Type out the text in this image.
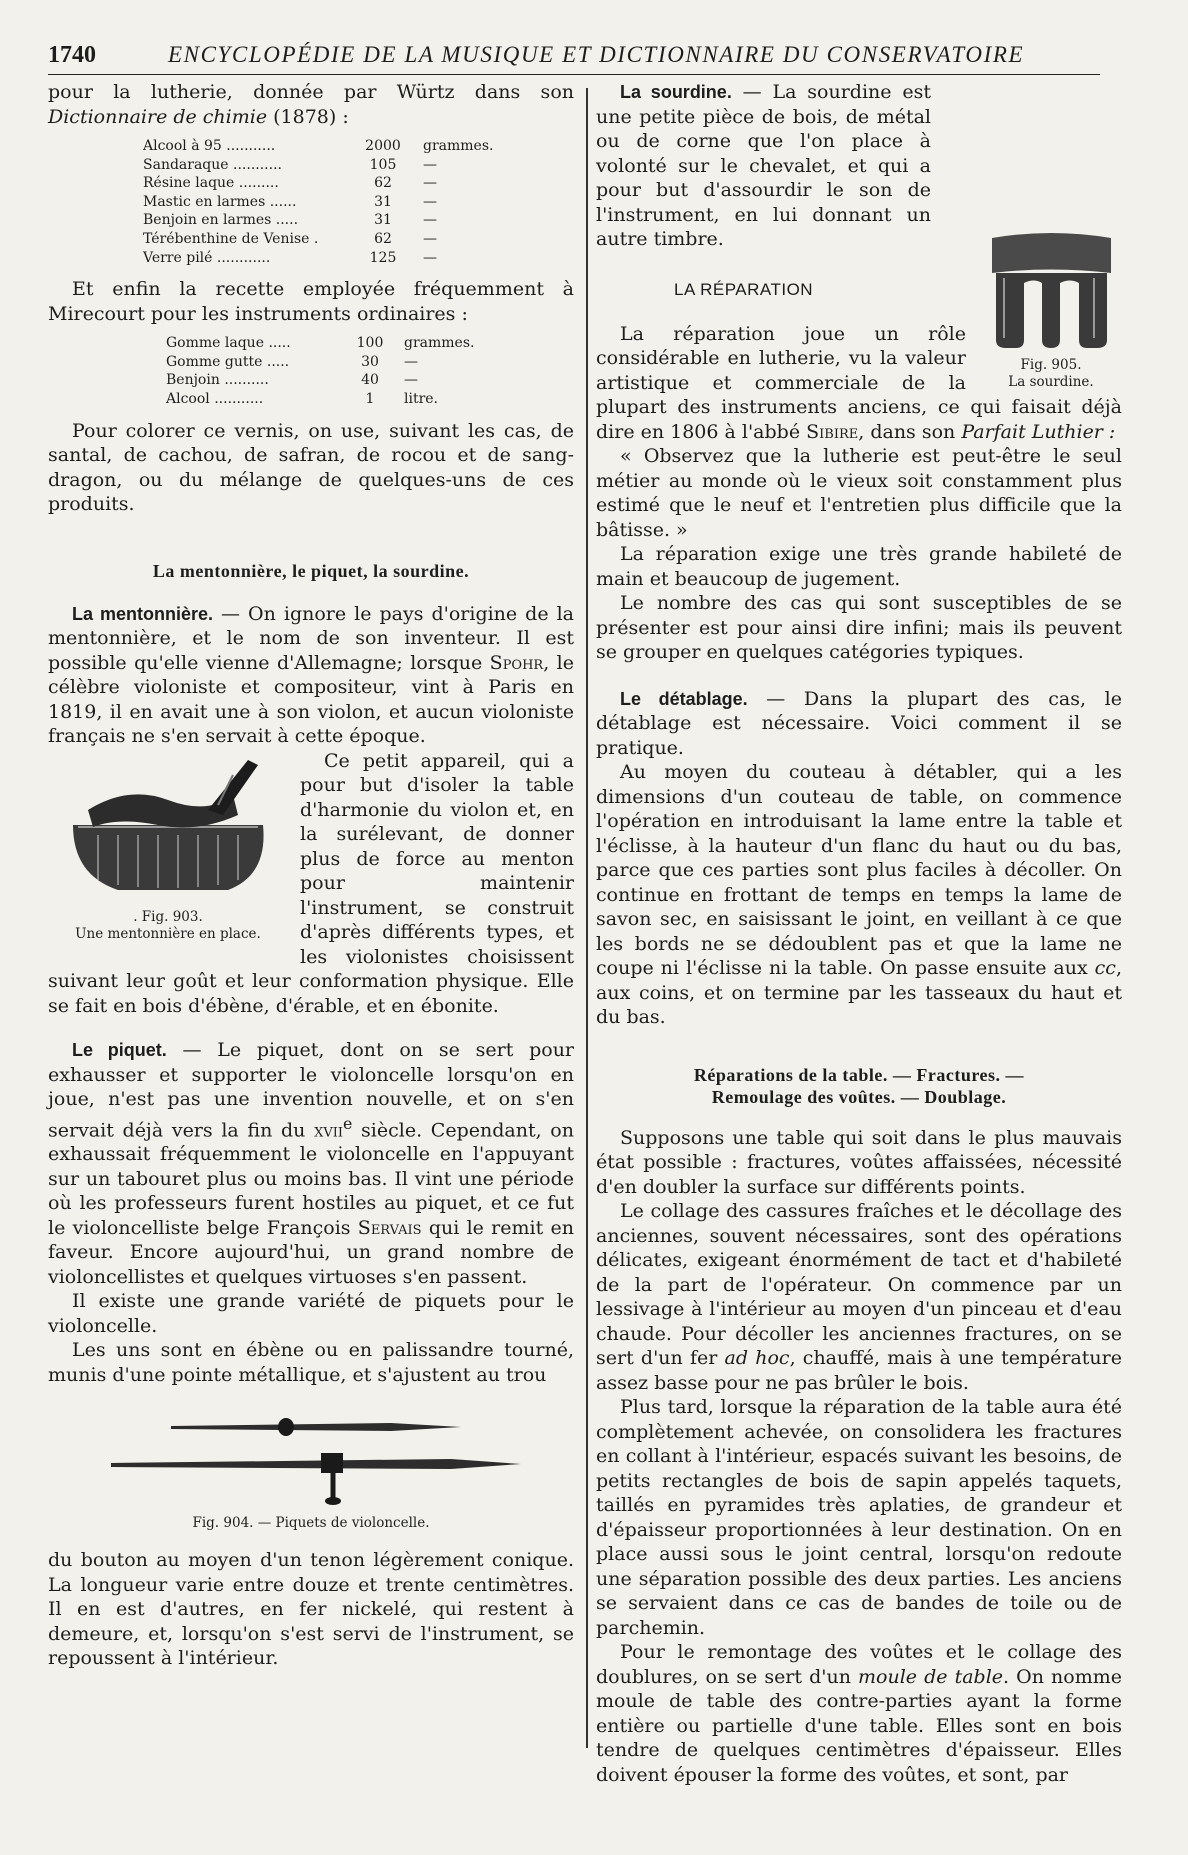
1740	ENCYCLOPÉDIE DE LA MUSIQUE ET DICTIONNAIRE DU CONSERVATOIRE

pour la lutherie, donnée par Würtz dans son Dictionnaire de chimie (1878) :

Alcool à 95 ...........	2000	grammes.
Sandaraque ...........	105	—
Résine laque .........	62	—
Mastic en larmes ......	31	—
Benjoin en larmes .....	31	—
Térébenthine de Venise .	62	—
Verre pilé ............	125	—

Et enfin la recette employée fréquemment à Mirecourt pour les instruments ordinaires :

Gomme laque .....	100	grammes.
Gomme gutte .....	30	—
Benjoin ..........	40	—
Alcool ...........	1	litre.

Pour colorer ce vernis, on use, suivant les cas, de santal, de cachou, de safran, de rocou et de sang-dragon, ou du mélange de quelques-uns de ces produits.

La mentonnière, le piquet, la sourdine.

La mentonnière. — On ignore le pays d'origine de la mentonnière, et le nom de son inventeur. Il est possible qu'elle vienne d'Allemagne; lorsque Spohr, le célèbre violoniste et compositeur, vint à Paris en 1819, il en avait une à son violon, et aucun violoniste français ne s'en servait à cette époque.

. Fig. 903.
Une mentonnière en place.

Ce petit appareil, qui a pour but d'isoler la table d'harmonie du violon et, en la surélevant, de donner plus de force au menton pour maintenir l'instrument, se construit d'après différents types, et les violonistes choisissent suivant leur goût et leur conformation physique. Elle se fait en bois d'ébène, d'érable, et en ébonite.

Le piquet. — Le piquet, dont on se sert pour exhausser et supporter le violoncelle lorsqu'on en joue, n'est pas une invention nouvelle, et on s'en servait déjà vers la fin du xvii$^e$ siècle. Cependant, on exhaussait fréquemment le violoncelle en l'appuyant sur un tabouret plus ou moins bas. Il vint une période où les professeurs furent hostiles au piquet, et ce fut le violoncelliste belge François Servais qui le remit en faveur. Encore aujourd'hui, un grand nombre de violoncellistes et quelques virtuoses s'en passent.

Il existe une grande variété de piquets pour le violoncelle.

Les uns sont en ébène ou en palissandre tourné, munis d'une pointe métallique, et s'ajustent au trou

Fig. 904. — Piquets de violoncelle.

du bouton au moyen d'un tenon légèrement conique. La longueur varie entre douze et trente centimètres. Il en est d'autres, en fer nickelé, qui restent à demeure, et, lorsqu'on s'est servi de l'instrument, se repoussent à l'intérieur.

La sourdine. — La sourdine est une petite pièce de bois, de métal ou de corne que l'on place à volonté sur le chevalet, et qui a pour but d'assourdir le son de l'instrument, en lui donnant un autre timbre.

Fig. 905.
La sourdine.
LA RÉPARATION

La réparation joue un rôle considérable en lutherie, vu la valeur artistique et commerciale de la plupart des instruments anciens, ce qui faisait déjà dire en 1806 à l'abbé Sibire, dans son Parfait Luthier :

« Observez que la lutherie est peut-être le seul métier au monde où le vieux soit constamment plus estimé que le neuf et l'entretien plus difficile que la bâtisse. »

La réparation exige une très grande habileté de main et beaucoup de jugement.

Le nombre des cas qui sont susceptibles de se présenter est pour ainsi dire infini; mais ils peuvent se grouper en quelques catégories typiques.

Le détablage. — Dans la plupart des cas, le détablage est nécessaire. Voici comment il se pratique.

Au moyen du couteau à détabler, qui a les dimensions d'un couteau de table, on commence l'opération en introduisant la lame entre la table et l'éclisse, à la hauteur d'un flanc du haut ou du bas, parce que ces parties sont plus faciles à décoller. On continue en frottant de temps en temps la lame de savon sec, en saisissant le joint, en veillant à ce que les bords ne se dédoublent pas et que la lame ne coupe ni l'éclisse ni la table. On passe ensuite aux cc, aux coins, et on termine par les tasseaux du haut et du bas.

Réparations de la table. — Fractures. —
Remoulage des voûtes. — Doublage.

Supposons une table qui soit dans le plus mauvais état possible : fractures, voûtes affaissées, nécessité d'en doubler la surface sur différents points.

Le collage des cassures fraîches et le décollage des anciennes, souvent nécessaires, sont des opérations délicates, exigeant énormément de tact et d'habileté de la part de l'opérateur. On commence par un lessivage à l'intérieur au moyen d'un pinceau et d'eau chaude. Pour décoller les anciennes fractures, on se sert d'un fer ad hoc, chauffé, mais à une température assez basse pour ne pas brûler le bois.

Plus tard, lorsque la réparation de la table aura été complètement achevée, on consolidera les fractures en collant à l'intérieur, espacés suivant les besoins, de petits rectangles de bois de sapin appelés taquets, taillés en pyramides très aplaties, de grandeur et d'épaisseur proportionnées à leur destination. On en place aussi sous le joint central, lorsqu'on redoute une séparation possible des deux parties. Les anciens se servaient dans ce cas de bandes de toile ou de parchemin.

Pour le remontage des voûtes et le collage des doublures, on se sert d'un moule de table. On nomme moule de table des contre-parties ayant la forme entière ou partielle d'une table. Elles sont en bois tendre de quelques centimètres d'épaisseur. Elles doivent épouser la forme des voûtes, et sont, par
